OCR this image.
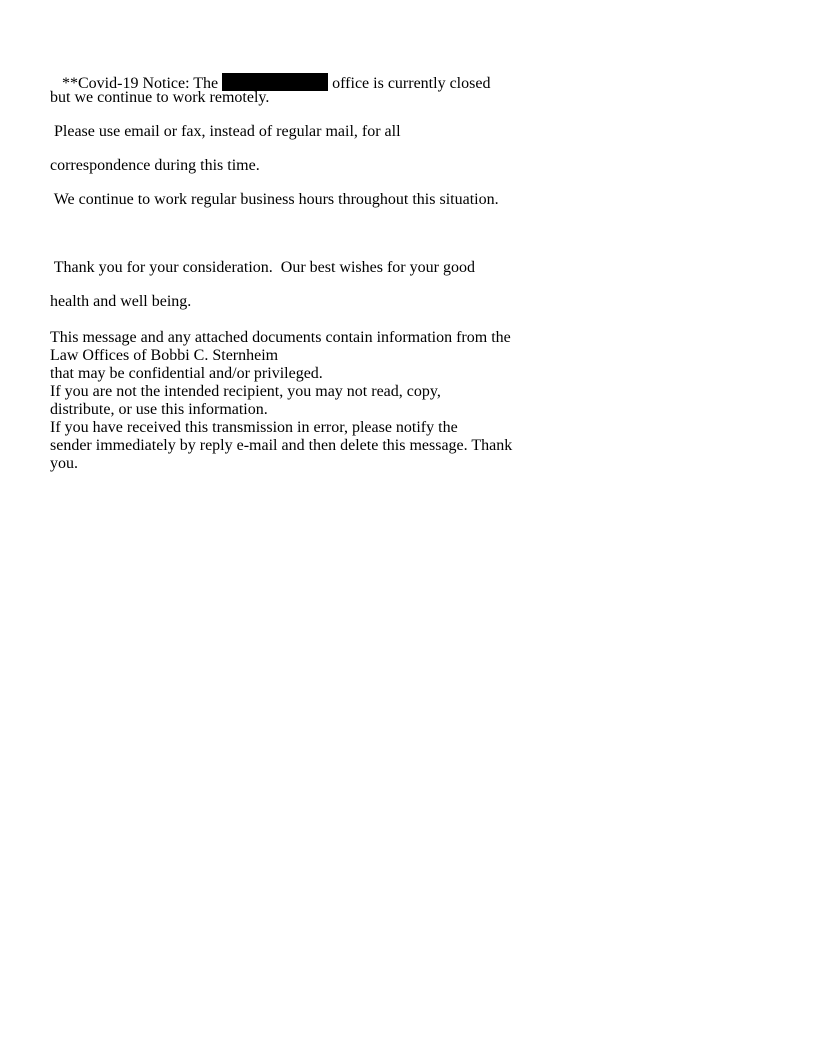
**Covid-19 Notice: The	office is currently closed

but we continue to work remotely.
Please use email or fax, instead of regular mail, for all
correspondence during this time.
We continue to work regular business hours throughout this situation.
Thank you for your consideration.  Our best wishes for your good
health and well being.
This message and any attached documents contain information from the
Law Offices of Bobbi C. Sternheim
that may be confidential and/or privileged.
If you are not the intended recipient, you may not read, copy,
distribute, or use this information.
If you have received this transmission in error, please notify the
sender immediately by reply e-mail and then delete this message. Thank
you.
